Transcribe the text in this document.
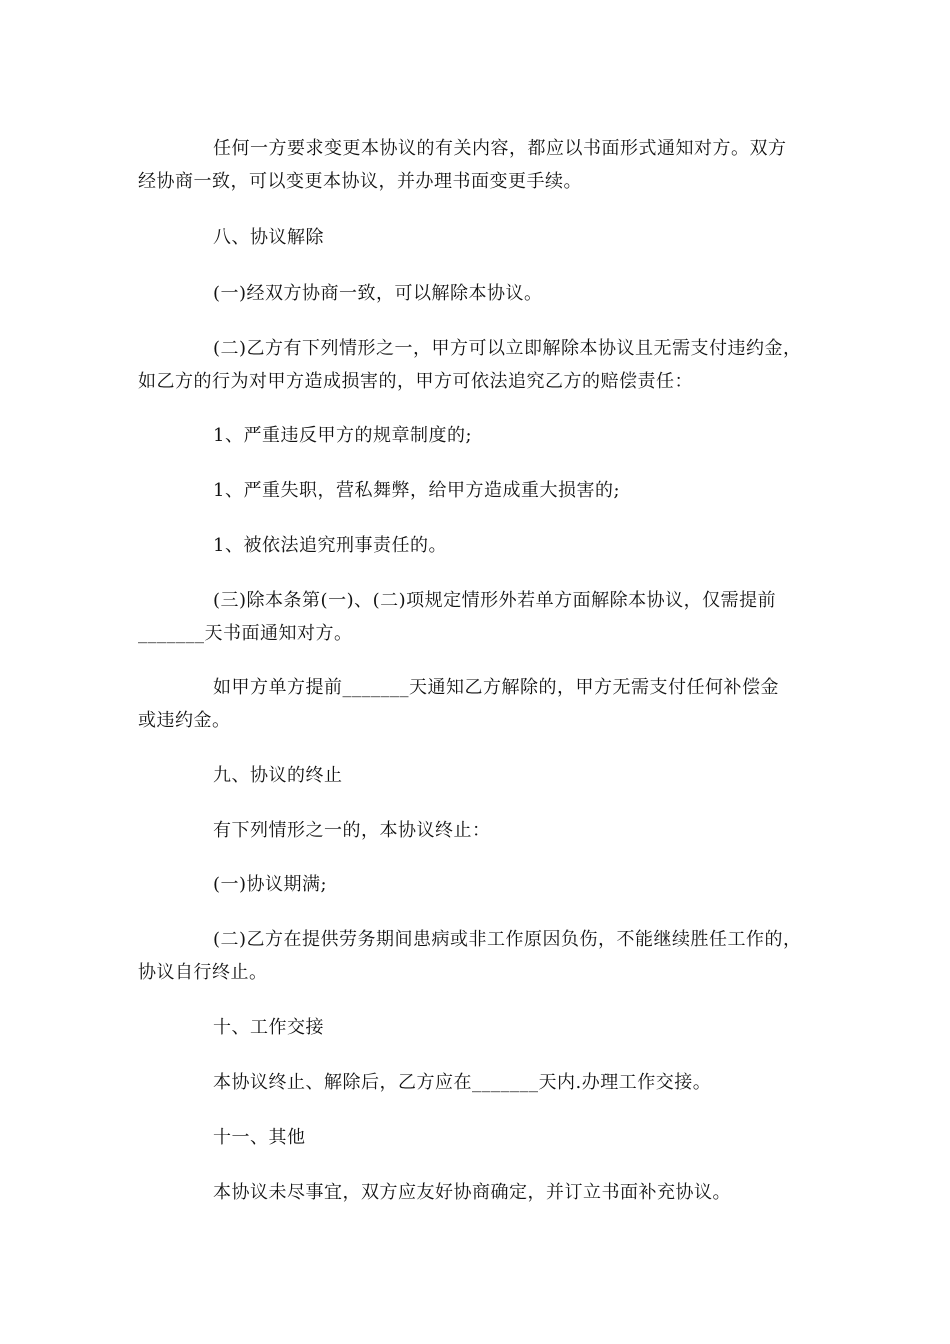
任何一方要求变更本协议的有关内容，都应以书面形式通知对方。双方
经协商一致，可以变更本协议，并办理书面变更手续。
八、协议解除
(一)经双方协商一致，可以解除本协议。
(二)乙方有下列情形之一，甲方可以立即解除本协议且无需支付违约金，
如乙方的行为对甲方造成损害的，甲方可依法追究乙方的赔偿责任：
1、严重违反甲方的规章制度的;
1、严重失职，营私舞弊，给甲方造成重大损害的;
1、被依法追究刑事责任的。
(三)除本条第(一)、(二)项规定情形外若单方面解除本协议，仅需提前
_______天书面通知对方。
如甲方单方提前_______天通知乙方解除的，甲方无需支付任何补偿金
或违约金。
九、协议的终止
有下列情形之一的，本协议终止：
(一)协议期满;
(二)乙方在提供劳务期间患病或非工作原因负伤，不能继续胜任工作的，
协议自行终止。
十、工作交接
本协议终止、解除后，乙方应在_______天内.办理工作交接。
十一、其他
本协议未尽事宜，双方应友好协商确定，并订立书面补充协议。
